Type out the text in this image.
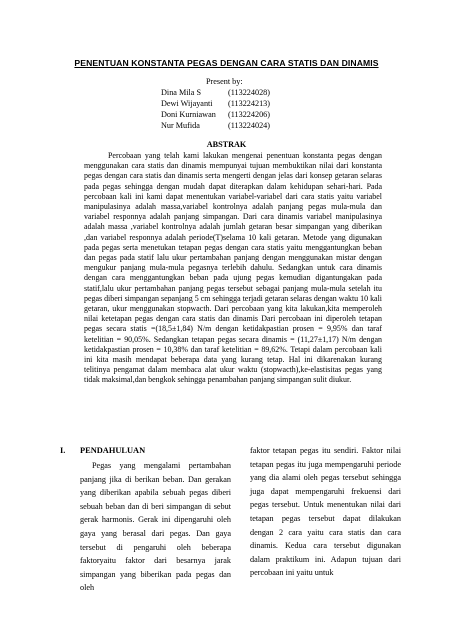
PENENTUAN KONSTANTA PEGAS DENGAN CARA STATIS DAN DINAMIS
Present by:
Dina Mila S	(113224028)
Dewi Wijayanti	(113224213)
Doni Kurniawan	(113224206)
Nur Mufida	(113224024)
ABSTRAK

Percobaan yang telah kami lakukan mengenai penentuan konstanta pegas dengan menggunakan cara statis dan dinamis mempunyai tujuan membuktikan nilai dari konstanta pegas dengan cara statis dan dinamis serta mengerti dengan jelas dari konsep getaran selaras pada pegas sehingga dengan mudah dapat diterapkan dalam kehidupan sehari-hari. Pada percobaan kali ini kami dapat menentukan variabel-variabel dari cara statis yaitu variabel manipulasinya adalah massa,variabel kontrolnya adalah panjang pegas mula-mula dan variabel responnya adalah panjang simpangan. Dari cara dinamis variabel manipulasinya adalah massa ,variabel kontrolnya adalah jumlah getaran besar simpangan yang diberikan ,dan variabel responnya adalah periode(T)selama 10 kali getaran. Metode yang digunakan pada pegas serta menetukan tetapan pegas dengan cara statis yaitu menggantungkan beban dan pegas pada statif lalu ukur pertambahan panjang dengan menggunakan mistar dengan mengukur panjang mula-mula pegasnya terlebih dahulu. Sedangkan untuk cara dinamis dengan cara menggantungkan beban pada ujung pegas kemudian digantungakan pada statif,lalu ukur pertambahan panjang pegas tersebut sebagai panjang mula-mula setelah itu pegas diberi simpangan sepanjang 5 cm sehingga terjadi getaran selaras dengan waktu 10 kali getaran, ukur menggunakan stopwacth. Dari percobaan yang kita lakukan,kita memperoleh nilai ketetapan pegas dengan cara statis dan dinamis Dari percobaan ini diperoleh tetapan pegas secara statis =(18,5±1,84) N/m dengan ketidakpastian prosen = 9,95% dan taraf ketelitian = 90,05%. Sedangkan tetapan pegas secara dinamis = (11,27±1,17) N/m dengan ketidakpastian prosen = 10,38% dan taraf ketelitian = 89,62%. Tetapi dalam percobaan kali ini kita masih mendapat beberapa data yang kurang tetap. Hal ini dikarenakan kurang telitinya pengamat dalam membaca alat ukur waktu (stopwacth),ke-elastisitas pegas yang tidak maksimal,dan bengkok sehingga penambahan panjang simpangan sulit diukur.

I. PENDAHULUAN

Pegas yang mengalami pertambahan panjang jika di berikan beban. Dan gerakan yang diberikan apabila sebuah pegas diberi sebuah beban dan di beri simpangan di sebut gerak harmonis. Gerak ini dipengaruhi oleh gaya yang berasal dari pegas. Dan gaya tersebut di pengaruhi oleh beberapa faktoryaitu faktor dari besarnya jarak simpangan yang biberikan pada pegas dan oleh

faktor tetapan pegas itu sendiri. Faktor nilai tetapan pegas itu juga mempengaruhi periode yang dia alami oleh pegas tersebut sehingga juga dapat mempengaruhi frekuensi dari pegas tersebut. Untuk menentukan nilai dari tetapan pegas tersebut dapat dilakukan dengan 2 cara yaitu cara statis dan cara dinamis. Kedua cara tersebut digunakan dalam praktikum ini. Adapun tujuan dari percobaan ini yaitu untuk
